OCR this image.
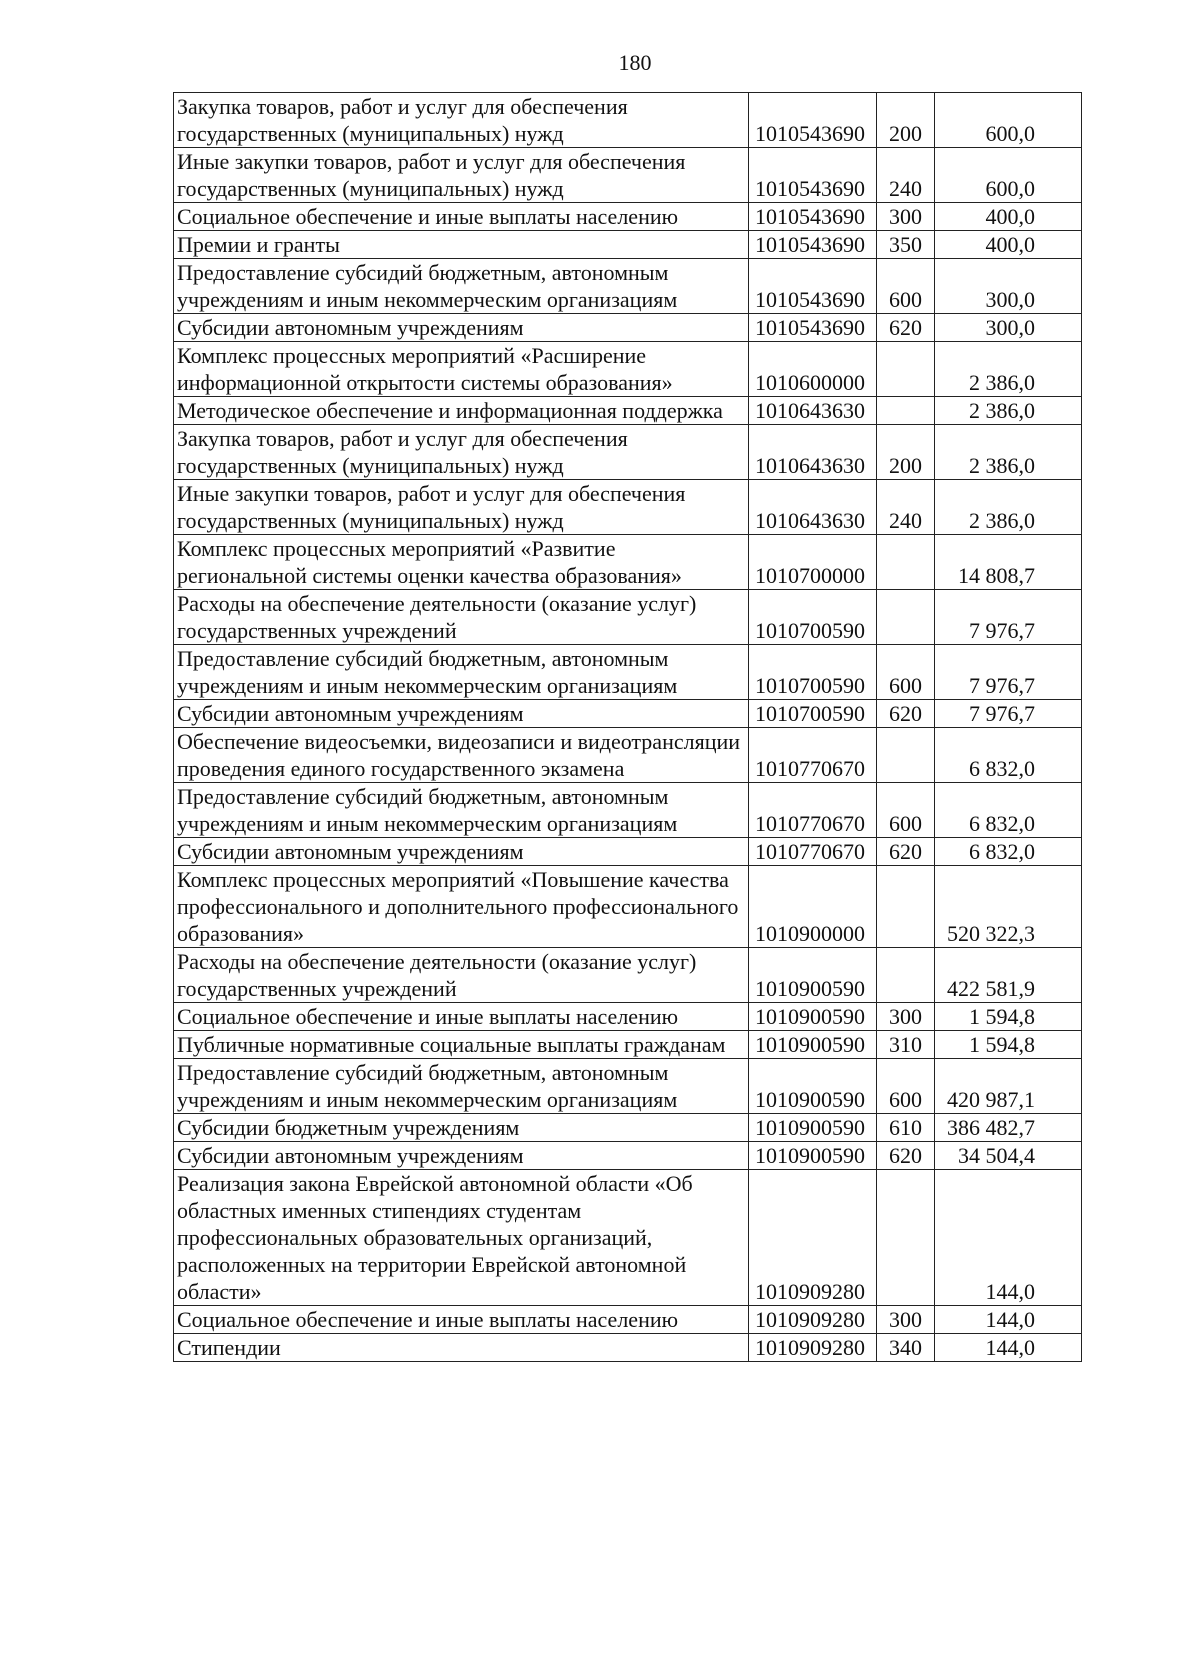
180
Закупка товаров, работ и услуг для обеспечения государственных (муниципальных) нужд	1010543690	200	600,0
Иные закупки товаров, работ и услуг для обеспечения государственных (муниципальных) нужд	1010543690	240	600,0
Социальное обеспечение и иные выплаты населению	1010543690	300	400,0
Премии и гранты	1010543690	350	400,0
Предоставление субсидий бюджетным, автономным учреждениям и иным некоммерческим организациям	1010543690	600	300,0
Субсидии автономным учреждениям	1010543690	620	300,0
Комплекс процессных мероприятий «Расширение информационной открытости системы образования»	1010600000		2 386,0
Методическое обеспечение и информационная поддержка	1010643630		2 386,0
Закупка товаров, работ и услуг для обеспечения государственных (муниципальных) нужд	1010643630	200	2 386,0
Иные закупки товаров, работ и услуг для обеспечения государственных (муниципальных) нужд	1010643630	240	2 386,0
Комплекс процессных мероприятий «Развитие региональной системы оценки качества образования»	1010700000		14 808,7
Расходы на обеспечение деятельности (оказание услуг) государственных учреждений	1010700590		7 976,7
Предоставление субсидий бюджетным, автономным учреждениям и иным некоммерческим организациям	1010700590	600	7 976,7
Субсидии автономным учреждениям	1010700590	620	7 976,7
Обеспечение видеосъемки, видеозаписи и видеотрансляции проведения единого государственного экзамена	1010770670		6 832,0
Предоставление субсидий бюджетным, автономным учреждениям и иным некоммерческим организациям	1010770670	600	6 832,0
Субсидии автономным учреждениям	1010770670	620	6 832,0
Комплекс процессных мероприятий «Повышение качества профессионального и дополнительного профессионального образования»	1010900000		520 322,3
Расходы на обеспечение деятельности (оказание услуг) государственных учреждений	1010900590		422 581,9
Социальное обеспечение и иные выплаты населению	1010900590	300	1 594,8
Публичные нормативные социальные выплаты гражданам	1010900590	310	1 594,8
Предоставление субсидий бюджетным, автономным учреждениям и иным некоммерческим организациям	1010900590	600	420 987,1
Субсидии бюджетным учреждениям	1010900590	610	386 482,7
Субсидии автономным учреждениям	1010900590	620	34 504,4
Реализация закона Еврейской автономной области «Об областных именных стипендиях студентам профессиональных образовательных организаций, расположенных на территории Еврейской автономной области»	1010909280		144,0
Социальное обеспечение и иные выплаты населению	1010909280	300	144,0
Стипендии	1010909280	340	144,0
